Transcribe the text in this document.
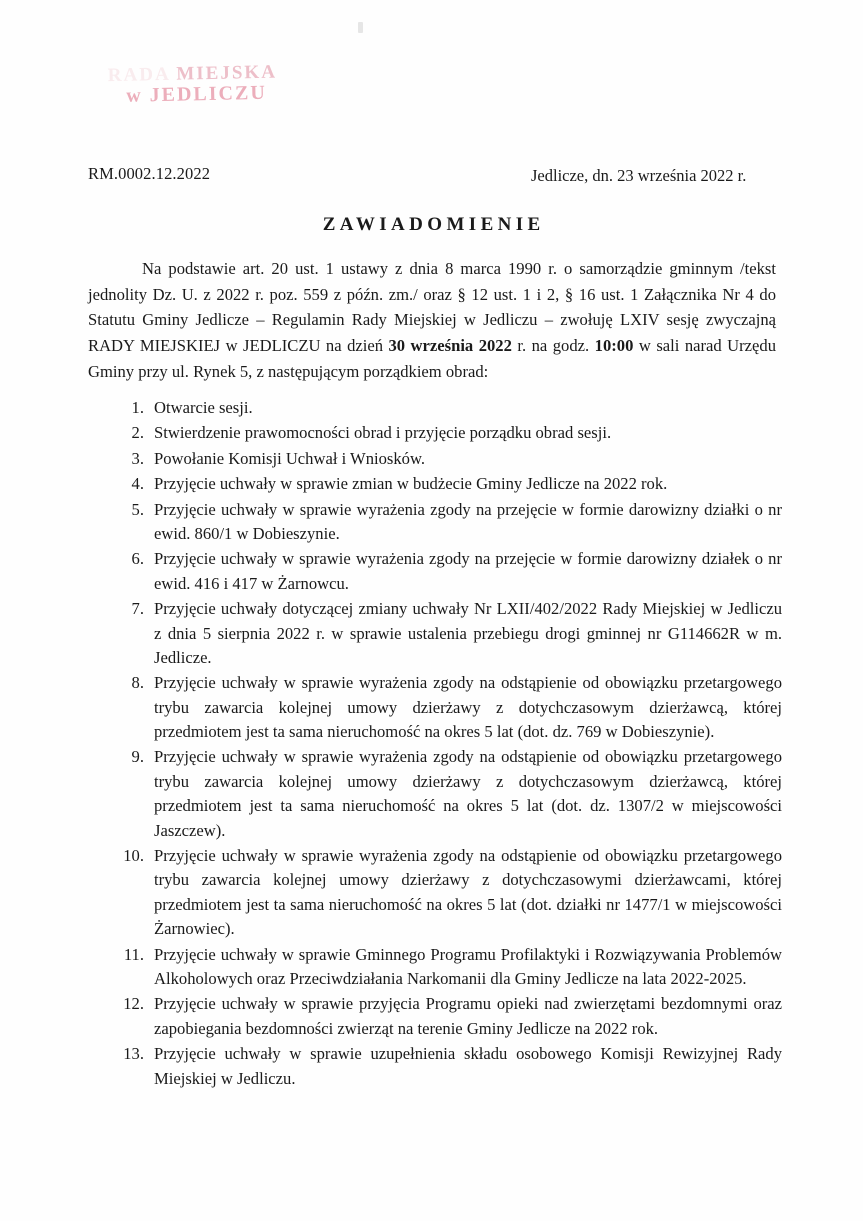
RADA MIEJSKA
w JEDLICZU
RM.0002.12.2022	Jedlicze, dn. 23 września 2022 r.
ZAWIADOMIENIE
Na podstawie art. 20 ust. 1 ustawy z dnia 8 marca 1990 r. o samorządzie gminnym /tekst jednolity Dz. U. z 2022 r. poz. 559 z późn. zm./ oraz § 12 ust. 1 i 2, § 16 ust. 1 Załącznika Nr 4 do Statutu Gminy Jedlicze – Regulamin Rady Miejskiej w Jedliczu – zwołuję LXIV sesję zwyczajną RADY MIEJSKIEJ w JEDLICZU na dzień 30 września 2022 r. na godz. 10:00 w sali narad Urzędu Gminy przy ul. Rynek 5, z następującym porządkiem obrad:
1. Otwarcie sesji.
2. Stwierdzenie prawomocności obrad i przyjęcie porządku obrad sesji.
3. Powołanie Komisji Uchwał i Wniosków.
4. Przyjęcie uchwały w sprawie zmian w budżecie Gminy Jedlicze na 2022 rok.
5. Przyjęcie uchwały w sprawie wyrażenia zgody na przejęcie w formie darowizny działki o nr ewid. 860/1 w Dobieszynie.
6. Przyjęcie uchwały w sprawie wyrażenia zgody na przejęcie w formie darowizny działek o nr ewid. 416 i 417 w Żarnowcu.
7. Przyjęcie uchwały dotyczącej zmiany uchwały Nr LXII/402/2022 Rady Miejskiej w Jedliczu z dnia 5 sierpnia 2022 r. w sprawie ustalenia przebiegu drogi gminnej nr G114662R w m. Jedlicze.
8. Przyjęcie uchwały w sprawie wyrażenia zgody na odstąpienie od obowiązku przetargowego trybu zawarcia kolejnej umowy dzierżawy z dotychczasowym dzierżawcą, której przedmiotem jest ta sama nieruchomość na okres 5 lat (dot. dz. 769 w Dobieszynie).
9. Przyjęcie uchwały w sprawie wyrażenia zgody na odstąpienie od obowiązku przetargowego trybu zawarcia kolejnej umowy dzierżawy z dotychczasowym dzierżawcą, której przedmiotem jest ta sama nieruchomość na okres 5 lat (dot. dz. 1307/2 w miejscowości Jaszczew).
10. Przyjęcie uchwały w sprawie wyrażenia zgody na odstąpienie od obowiązku przetargowego trybu zawarcia kolejnej umowy dzierżawy z dotychczasowymi dzierżawcami, której przedmiotem jest ta sama nieruchomość na okres 5 lat (dot. działki nr 1477/1 w miejscowości Żarnowiec).
11. Przyjęcie uchwały w sprawie Gminnego Programu Profilaktyki i Rozwiązywania Problemów Alkoholowych oraz Przeciwdziałania Narkomanii dla Gminy Jedlicze na lata 2022-2025.
12. Przyjęcie uchwały w sprawie przyjęcia Programu opieki nad zwierzętami bezdomnymi oraz zapobiegania bezdomności zwierząt na terenie Gminy Jedlicze na 2022 rok.
13. Przyjęcie uchwały w sprawie uzupełnienia składu osobowego Komisji Rewizyjnej Rady Miejskiej w Jedliczu.
